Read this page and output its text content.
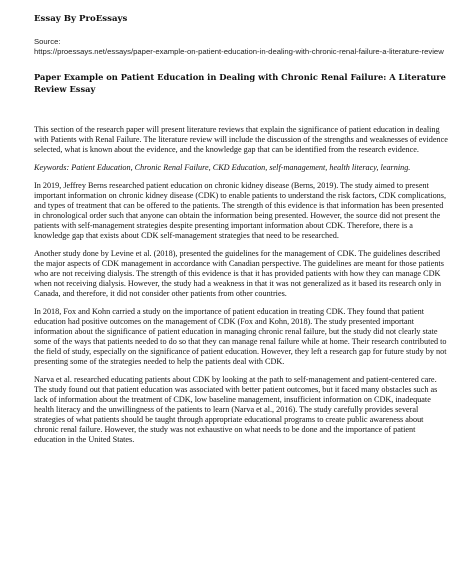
Essay By ProEssays
Source:
https://proessays.net/essays/paper-example-on-patient-education-in-dealing-with-chronic-renal-failure-a-literature-review
Paper Example on Patient Education in Dealing with Chronic Renal Failure: A Literature Review Essay

This section of the research paper will present literature reviews that explain the significance of patient education in dealing with Patients with Renal Failure. The literature review will include the discussion of the strengths and weaknesses of evidence selected, what is known about the evidence, and the knowledge gap that can be identified from the research evidence.

Keywords: Patient Education, Chronic Renal Failure, CKD Education, self-management, health literacy, learning.

In 2019, Jeffrey Berns researched patient education on chronic kidney disease (Berns, 2019). The study aimed to present important information on chronic kidney disease (CDK) to enable patients to understand the risk factors, CDK complications, and types of treatment that can be offered to the patients. The strength of this evidence is that information has been presented in chronological order such that anyone can obtain the information being presented. However, the source did not present the patients with self-management strategies despite presenting important information about CDK. Therefore, there is a knowledge gap that exists about CDK self-management strategies that need to be researched.

Another study done by Levine et al. (2018), presented the guidelines for the management of CDK. The guidelines described the major aspects of CDK management in accordance with Canadian perspective. The guidelines are meant for those patients who are not receiving dialysis. The strength of this evidence is that it has provided patients with how they can manage CDK when not receiving dialysis. However, the study had a weakness in that it was not generalized as it based its research only in Canada, and therefore, it did not consider other patients from other countries.

In 2018, Fox and Kohn carried a study on the importance of patient education in treating CDK. They found that patient education had positive outcomes on the management of CDK (Fox and Kohn, 2018). The study presented important information about the significance of patient education in managing chronic renal failure, but the study did not clearly state some of the ways that patients needed to do so that they can manage renal failure while at home. Their research contributed to the field of study, especially on the significance of patient education. However, they left a research gap for future study by not presenting some of the strategies needed to help the patients deal with CDK.

Narva et al. researched educating patients about CDK by looking at the path to self-management and patient-centered care. The study found out that patient education was associated with better patient outcomes, but it faced many obstacles such as lack of information about the treatment of CDK, low baseline management, insufficient information on CDK, inadequate health literacy and the unwillingness of the patients to learn (Narva et al., 2016). The study carefully provides several strategies of what patients should be taught through appropriate educational programs to create public awareness about chronic renal failure. However, the study was not exhaustive on what needs to be done and the importance of patient education in the United States.
